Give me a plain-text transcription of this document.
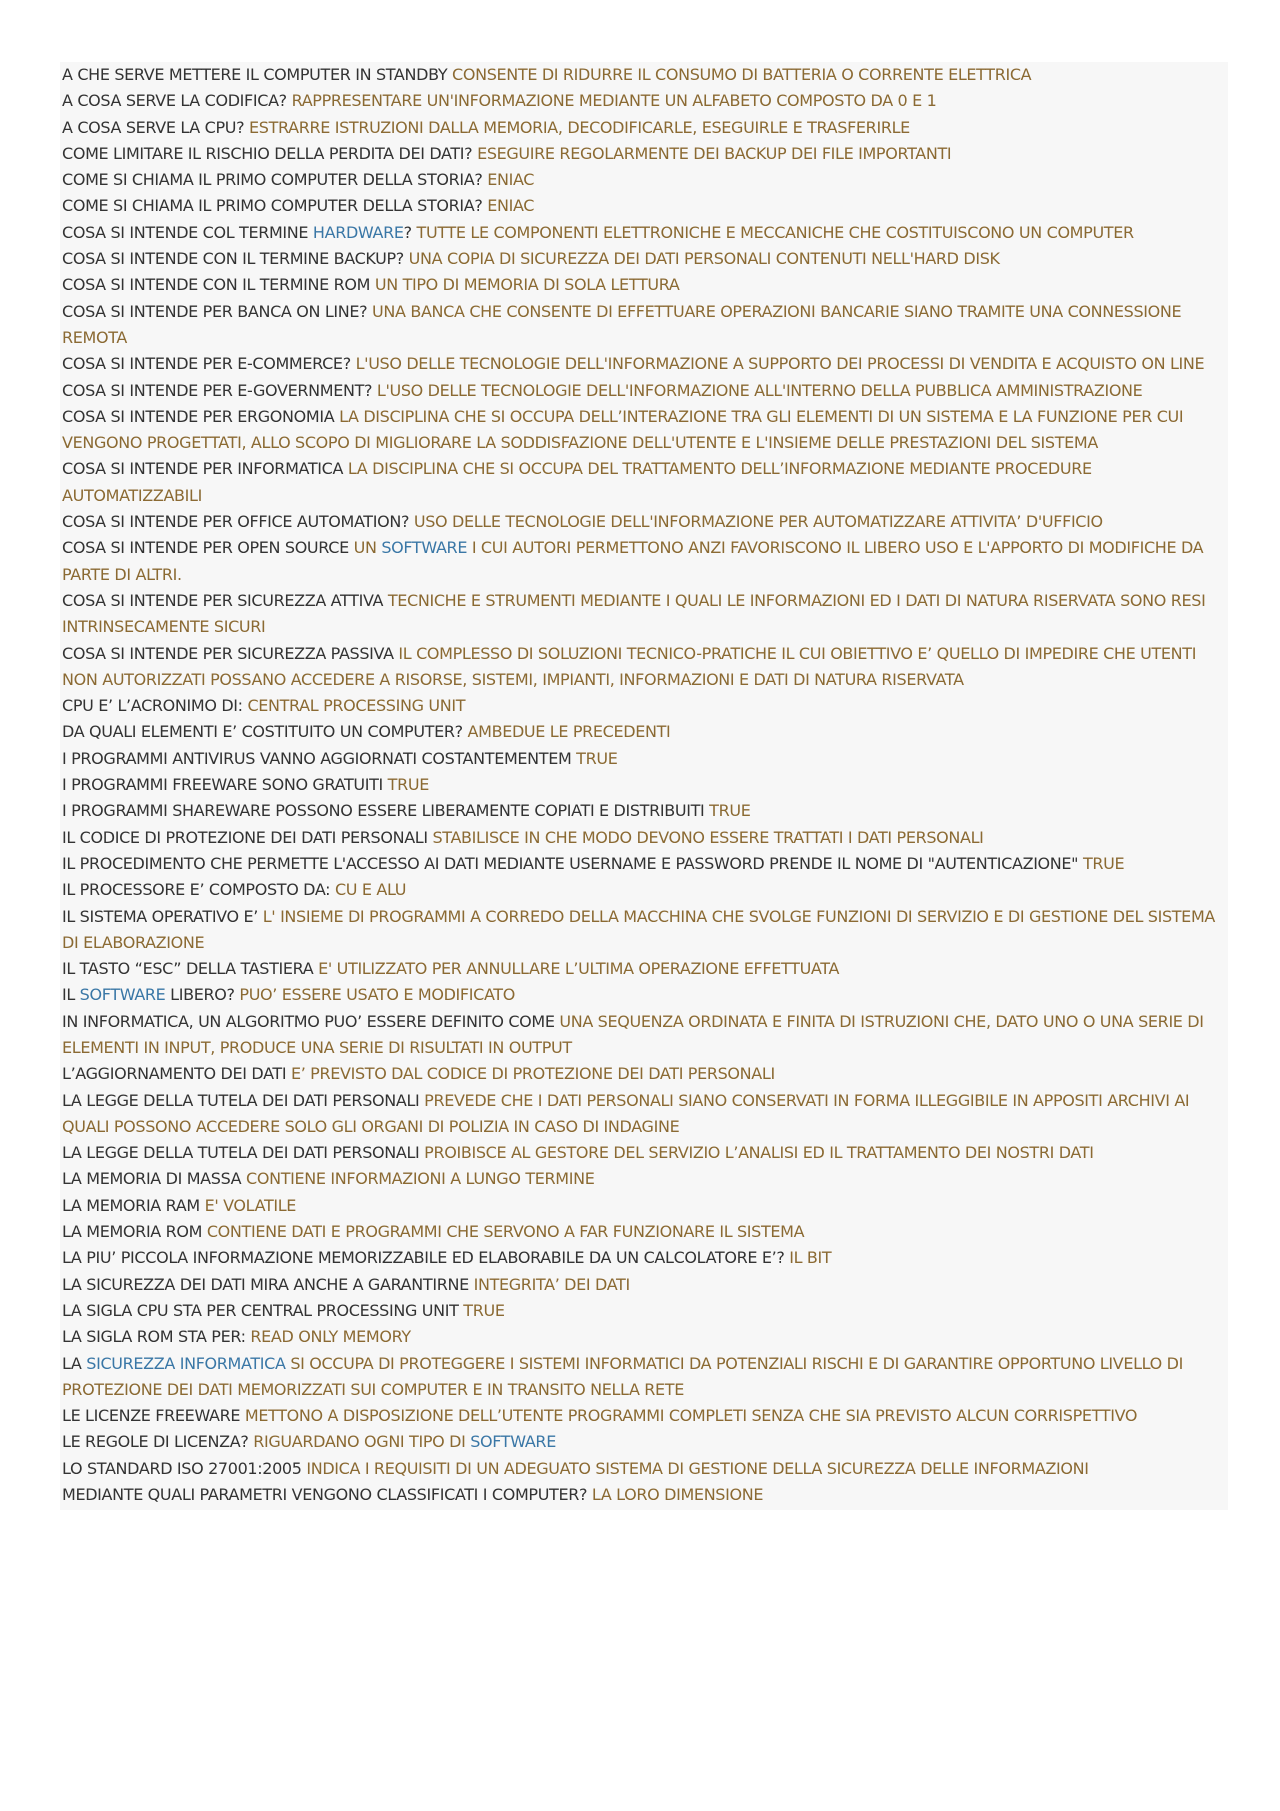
A CHE SERVE METTERE IL COMPUTER IN STANDBY CONSENTE DI RIDURRE IL CONSUMO DI BATTERIA O CORRENTE ELETTRICA

A COSA SERVE LA CODIFICA? RAPPRESENTARE UN'INFORMAZIONE MEDIANTE UN ALFABETO COMPOSTO DA 0 E 1

A COSA SERVE LA CPU? ESTRARRE ISTRUZIONI DALLA MEMORIA, DECODIFICARLE, ESEGUIRLE E TRASFERIRLE

COME LIMITARE IL RISCHIO DELLA PERDITA DEI DATI? ESEGUIRE REGOLARMENTE DEI BACKUP DEI FILE IMPORTANTI

COME SI CHIAMA IL PRIMO COMPUTER DELLA STORIA? ENIAC

COME SI CHIAMA IL PRIMO COMPUTER DELLA STORIA? ENIAC

COSA SI INTENDE COL TERMINE HARDWARE? TUTTE LE COMPONENTI ELETTRONICHE E MECCANICHE CHE COSTITUISCONO UN COMPUTER

COSA SI INTENDE CON IL TERMINE BACKUP? UNA COPIA DI SICUREZZA DEI DATI PERSONALI CONTENUTI NELL'HARD DISK

COSA SI INTENDE CON IL TERMINE ROM UN TIPO DI MEMORIA DI SOLA LETTURA

COSA SI INTENDE PER BANCA ON LINE? UNA BANCA CHE CONSENTE DI EFFETTUARE OPERAZIONI BANCARIE SIANO TRAMITE UNA CONNESSIONE REMOTA

COSA SI INTENDE PER E-COMMERCE? L'USO DELLE TECNOLOGIE DELL'INFORMAZIONE A SUPPORTO DEI PROCESSI DI VENDITA E ACQUISTO ON LINE

COSA SI INTENDE PER E-GOVERNMENT? L'USO DELLE TECNOLOGIE DELL'INFORMAZIONE ALL'INTERNO DELLA PUBBLICA AMMINISTRAZIONE

COSA SI INTENDE PER ERGONOMIA LA DISCIPLINA CHE SI OCCUPA DELL’INTERAZIONE TRA GLI ELEMENTI DI UN SISTEMA E LA FUNZIONE PER CUI VENGONO PROGETTATI, ALLO SCOPO DI MIGLIORARE LA SODDISFAZIONE DELL'UTENTE E L'INSIEME DELLE PRESTAZIONI DEL SISTEMA

COSA SI INTENDE PER INFORMATICA LA DISCIPLINA CHE SI OCCUPA DEL TRATTAMENTO DELL’INFORMAZIONE MEDIANTE PROCEDURE AUTOMATIZZABILI

COSA SI INTENDE PER OFFICE AUTOMATION? USO DELLE TECNOLOGIE DELL'INFORMAZIONE PER AUTOMATIZZARE ATTIVITA’ D'UFFICIO

COSA SI INTENDE PER OPEN SOURCE UN SOFTWARE I CUI AUTORI PERMETTONO ANZI FAVORISCONO IL LIBERO USO E L'APPORTO DI MODIFICHE DA PARTE DI ALTRI.

COSA SI INTENDE PER SICUREZZA ATTIVA TECNICHE E STRUMENTI MEDIANTE I QUALI LE INFORMAZIONI ED I DATI DI NATURA RISERVATA SONO RESI INTRINSECAMENTE SICURI

COSA SI INTENDE PER SICUREZZA PASSIVA IL COMPLESSO DI SOLUZIONI TECNICO-PRATICHE IL CUI OBIETTIVO E’ QUELLO DI IMPEDIRE CHE UTENTI NON AUTORIZZATI POSSANO ACCEDERE A RISORSE, SISTEMI, IMPIANTI, INFORMAZIONI E DATI DI NATURA RISERVATA

CPU E’ L’ACRONIMO DI: CENTRAL PROCESSING UNIT

DA QUALI ELEMENTI E’ COSTITUITO UN COMPUTER? AMBEDUE LE PRECEDENTI

I PROGRAMMI ANTIVIRUS VANNO AGGIORNATI COSTANTEMENTEM TRUE

I PROGRAMMI FREEWARE SONO GRATUITI TRUE

I PROGRAMMI SHAREWARE POSSONO ESSERE LIBERAMENTE COPIATI E DISTRIBUITI TRUE

IL CODICE DI PROTEZIONE DEI DATI PERSONALI STABILISCE IN CHE MODO DEVONO ESSERE TRATTATI I DATI PERSONALI

IL PROCEDIMENTO CHE PERMETTE L'ACCESSO AI DATI MEDIANTE USERNAME E PASSWORD PRENDE IL NOME DI "AUTENTICAZIONE" TRUE

IL PROCESSORE E’ COMPOSTO DA: CU E ALU

IL SISTEMA OPERATIVO E’ L' INSIEME DI PROGRAMMI A CORREDO DELLA MACCHINA CHE SVOLGE FUNZIONI DI SERVIZIO E DI GESTIONE DEL SISTEMA DI ELABORAZIONE

IL TASTO “ESC” DELLA TASTIERA E' UTILIZZATO PER ANNULLARE L’ULTIMA OPERAZIONE EFFETTUATA

IL SOFTWARE LIBERO? PUO’ ESSERE USATO E MODIFICATO

IN INFORMATICA, UN ALGORITMO PUO’ ESSERE DEFINITO COME UNA SEQUENZA ORDINATA E FINITA DI ISTRUZIONI CHE, DATO UNO O UNA SERIE DI ELEMENTI IN INPUT, PRODUCE UNA SERIE DI RISULTATI IN OUTPUT

L’AGGIORNAMENTO DEI DATI E’ PREVISTO DAL CODICE DI PROTEZIONE DEI DATI PERSONALI

LA LEGGE DELLA TUTELA DEI DATI PERSONALI PREVEDE CHE I DATI PERSONALI SIANO CONSERVATI IN FORMA ILLEGGIBILE IN APPOSITI ARCHIVI AI QUALI POSSONO ACCEDERE SOLO GLI ORGANI DI POLIZIA IN CASO DI INDAGINE

LA LEGGE DELLA TUTELA DEI DATI PERSONALI PROIBISCE AL GESTORE DEL SERVIZIO L’ANALISI ED IL TRATTAMENTO DEI NOSTRI DATI

LA MEMORIA DI MASSA CONTIENE INFORMAZIONI A LUNGO TERMINE

LA MEMORIA RAM E' VOLATILE

LA MEMORIA ROM CONTIENE DATI E PROGRAMMI CHE SERVONO A FAR FUNZIONARE IL SISTEMA

LA PIU’ PICCOLA INFORMAZIONE MEMORIZZABILE ED ELABORABILE DA UN CALCOLATORE E’? IL BIT

LA SICUREZZA DEI DATI MIRA ANCHE A GARANTIRNE INTEGRITA’ DEI DATI

LA SIGLA CPU STA PER CENTRAL PROCESSING UNIT TRUE

LA SIGLA ROM STA PER: READ ONLY MEMORY

LA SICUREZZA INFORMATICA SI OCCUPA DI PROTEGGERE I SISTEMI INFORMATICI DA POTENZIALI RISCHI E DI GARANTIRE OPPORTUNO LIVELLO DI PROTEZIONE DEI DATI MEMORIZZATI SUI COMPUTER E IN TRANSITO NELLA RETE

LE LICENZE FREEWARE METTONO A DISPOSIZIONE DELL’UTENTE PROGRAMMI COMPLETI SENZA CHE SIA PREVISTO ALCUN CORRISPETTIVO

LE REGOLE DI LICENZA? RIGUARDANO OGNI TIPO DI SOFTWARE

LO STANDARD ISO 27001:2005 INDICA I REQUISITI DI UN ADEGUATO SISTEMA DI GESTIONE DELLA SICUREZZA DELLE INFORMAZIONI

MEDIANTE QUALI PARAMETRI VENGONO CLASSIFICATI I COMPUTER? LA LORO DIMENSIONE
